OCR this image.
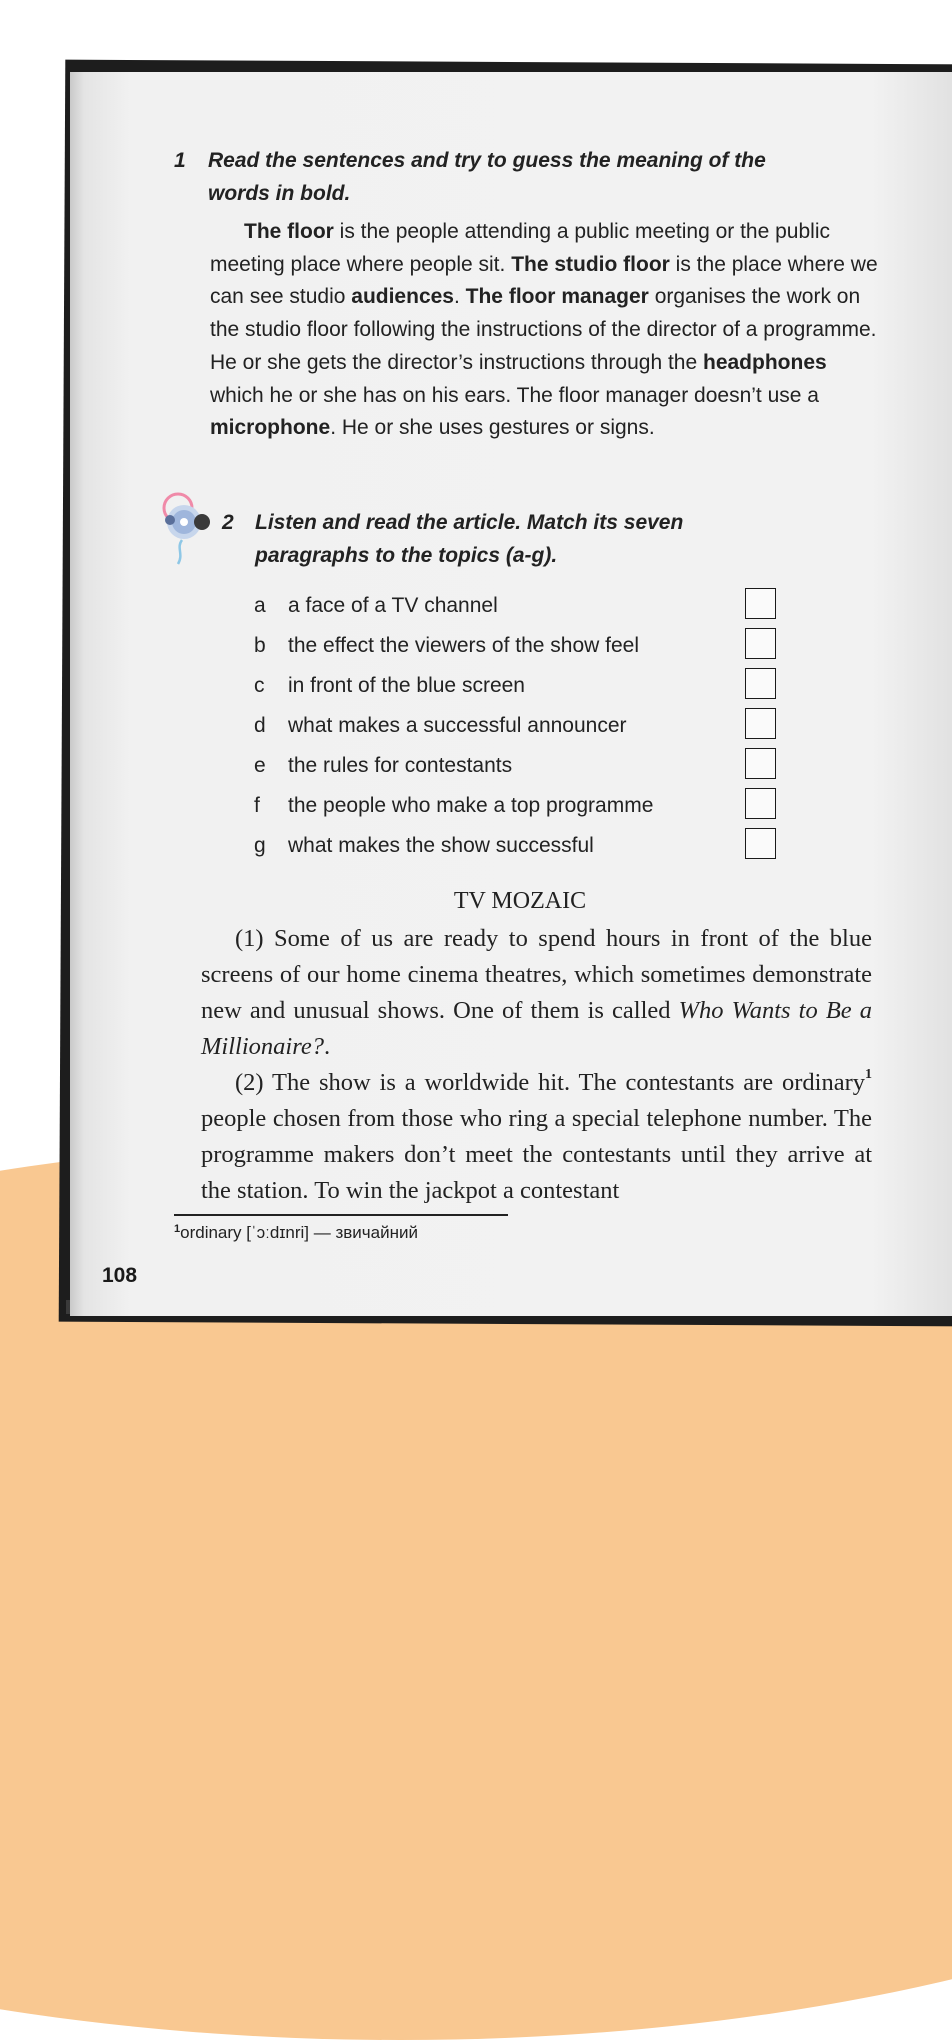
1 Read the sentences and try to guess the meaning of the words in bold.
The floor is the people attending a public meeting or the public meeting place where people sit. The studio floor is the place where we can see studio audiences. The floor manager organises the work on the studio floor following the instructions of the director of a programme. He or she gets the director’s instructions through the headphones which he or she has on his ears. The floor manager doesn’t use a microphone. He or she uses gestures or signs.
2 Listen and read the article. Match its seven paragraphs to the topics (a-g).
a	a face of a TV channel
b	the effect the viewers of the show feel
c	in front of the blue screen
d	what makes a successful announcer
e	the rules for contestants
f	the people who make a top programme
g	what makes the show successful
TV MOZAIC

(1) Some of us are ready to spend hours in front of the blue screens of our home cinema theatres, which sometimes demonstrate new and unusual shows. One of them is called Who Wants to Be a Millionaire?.

(2) The show is a worldwide hit. The contestants are ordinary$^1$ people chosen from those who ring a special telephone number. The programme makers don’t meet the contestants until they arrive at the station. To win the jackpot a contestant

$^1$ordinary [ˈɔːdɪnri] — звичайний
108
